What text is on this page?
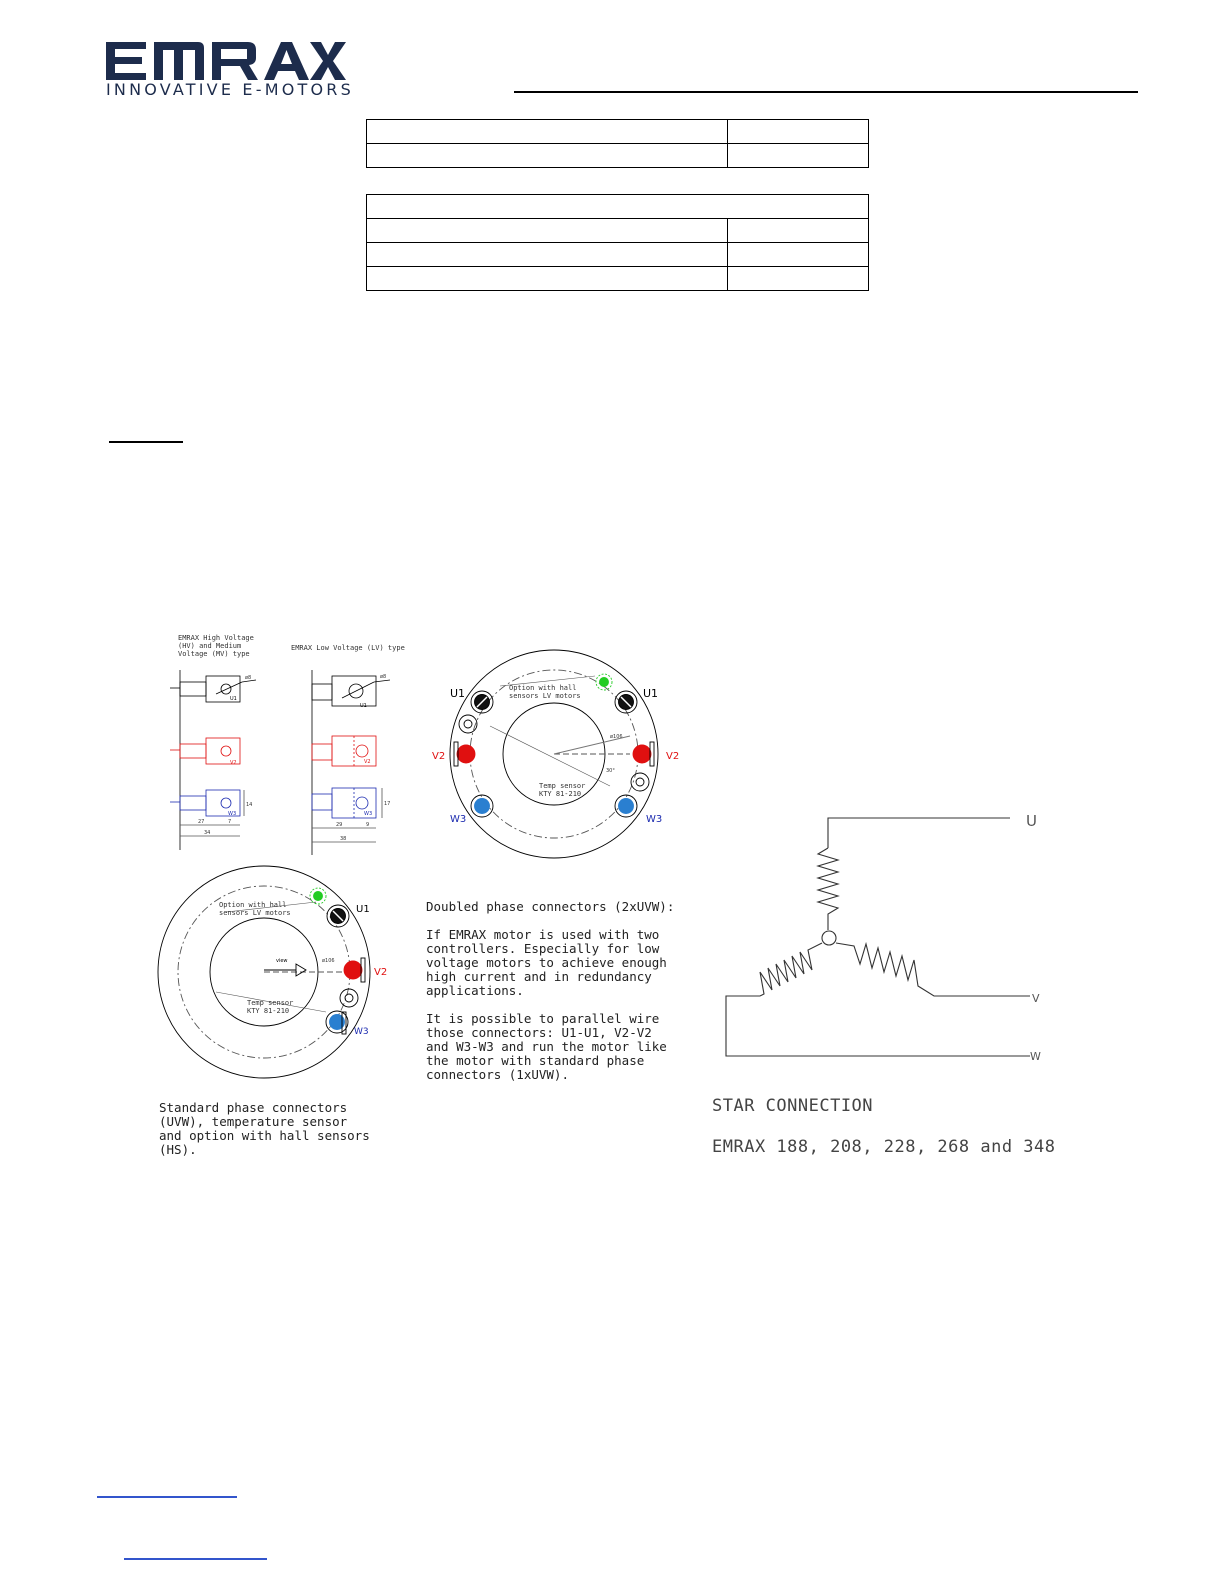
INNOVATIVE E-MOTORS

EMRAX High Voltage
(HV) and Medium
Voltage (MV) type
EMRAX Low Voltage (LV) type
ø8
U1
V2
W3
14
27	7
34
ø8
U1
V2
W3
17
29	9
38
U1	U1
V2	V2
W3	W3
ø106
30°
Option with hall
sensors LV motors
Temp sensor
KTY 81-210
U1
V2
W3
view	ø106
Option with hall
sensors LV motors
Temp sensor
KTY 81-210
Doubled phase connectors (2xUVW):
If EMRAX motor is used with two
controllers. Especially for low
voltage motors to achieve enough
high current and in redundancy
applications.
It is possible to parallel wire
those connectors: U1-U1, V2-V2
and W3-W3 and run the motor like
the motor with standard phase
connectors (1xUVW).
Standard phase connectors
(UVW), temperature sensor
and option with hall sensors
(HS).
U
V
W
STAR CONNECTION
EMRAX 188, 208, 228, 268 and 348
